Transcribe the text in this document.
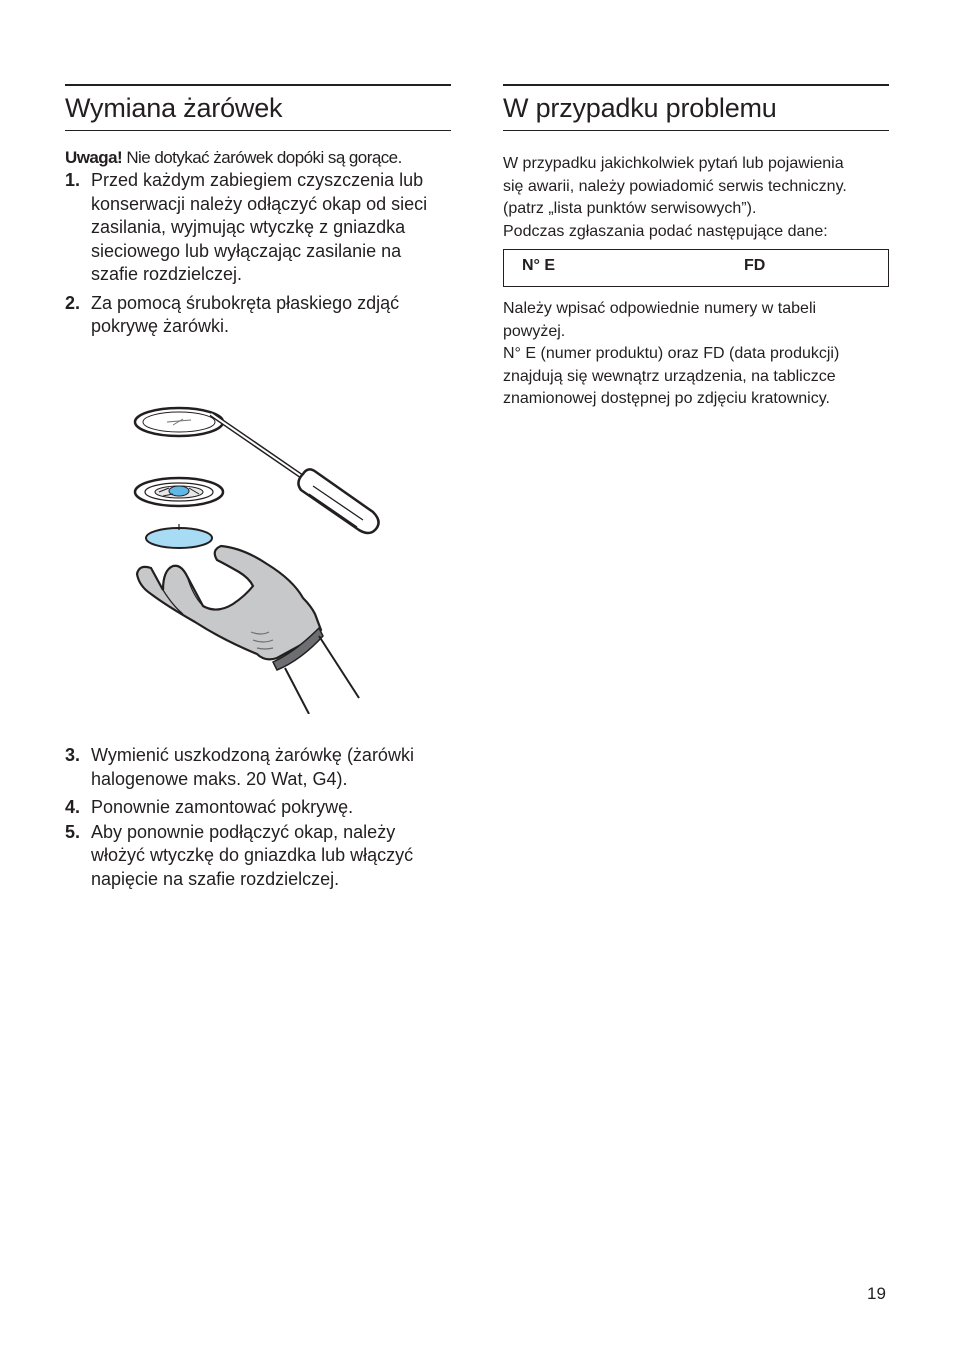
Wymiana żarówek
Uwaga! Nie dotykać żarówek dopóki są gorące.
1. Przed każdym zabiegiem czyszczenia lub konserwacji należy odłączyć okap od sieci zasilania, wyjmując wtyczkę z gniazdka sieciowego lub wyłączając zasilanie na szafie rozdzielczej.
2. Za pomocą śrubokręta płaskiego zdjąć pokrywę żarówki.
3. Wymienić uszkodzoną żarówkę (żarówki halogenowe maks. 20 Wat, G4).
4. Ponownie zamontować pokrywę.
5. Aby ponownie podłączyć okap, należy włożyć wtyczkę do gniazdka lub włączyć napięcie na szafie rozdzielczej.
W przypadku problemu

W przypadku jakichkolwiek pytań lub pojawienia
się awarii, należy powiadomić serwis techniczny.
(patrz „lista punktów serwisowych”).
Podczas zgłaszania podać następujące dane:

N° E	FD

Należy wpisać odpowiednie numery w tabeli
powyżej.
N° E (numer produktu) oraz FD (data produkcji)
znajdują się wewnątrz urządzenia, na tabliczce
znamionowej dostępnej po zdjęciu kratownicy.

19
